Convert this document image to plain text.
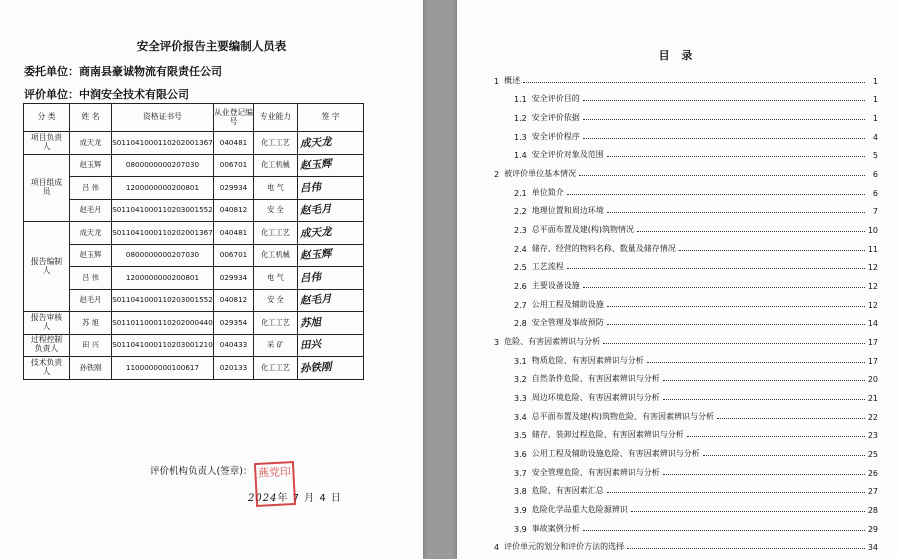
安全评价报告主要编制人员表
委托单位：商南县豪诚物流有限责任公司
评价单位：中润安全技术有限公司
分 类	姓 名	资格证书号	从业登记编号	专业能力	签 字
项目负责人	成天龙	S011041000110202001367	040481	化工工艺	成天龙

项目组成员	赵玉辉	0800000000207030	006701	化工机械	赵玉辉

	吕 伟	1200000000200801	029934	电 气	吕伟

	赵毛月	S011041000110203001552	040812	安 全	赵毛月

报告编制人	成天龙	S011041000110202001367	040481	化工工艺	成天龙

	赵玉辉	0800000000207030	006701	化工机械	赵玉辉

	吕 伟	1200000000200801	029934	电 气	吕伟

	赵毛月	S011041000110203001552	040812	安 全	赵毛月

报告审核人	苏 旭	S011011000110202000440	029354	化工工艺	苏旭

过程控制负责人	田 兴	S011041000110203001210	040433	采 矿	田兴

技术负责人	孙铁刚	1100000000100617	020133	化工工艺	孙铁刚
评价机构负责人(签章)：
2024年 7 月 4 日
燕党印
目 录
1 概述	1
1.1 安全评价目的	1
1.2 安全评价依据	1
1.3 安全评价程序	4
1.4 安全评价对象及范围	5
2 被评价单位基本情况	6
2.1 单位简介	6
2.2 地理位置和周边环境	7
2.3 总平面布置及建(构)筑物情况	10
2.4 储存、经营的物料名称、数量及储存情况	11
2.5 工艺流程	12
2.6 主要设备设施	12
2.7 公用工程及辅助设施	12
2.8 安全管理及事故预防	14
3 危险、有害因素辨识与分析	17
3.1 物质危险、有害因素辨识与分析	17
3.2 自然条件危险、有害因素辨识与分析	20
3.3 周边环境危险、有害因素辨识与分析	21
3.4 总平面布置及建(构)筑物危险、有害因素辨识与分析	22
3.5 储存、装卸过程危险、有害因素辨识与分析	23
3.6 公用工程及辅助设施危险、有害因素辨识与分析	25
3.7 安全管理危险、有害因素辨识与分析	26
3.8 危险、有害因素汇总	27
3.9 危险化学品重大危险源辨识	28
3.9 事故案例分析	29
4 评价单元的划分和评价方法的选择	34
